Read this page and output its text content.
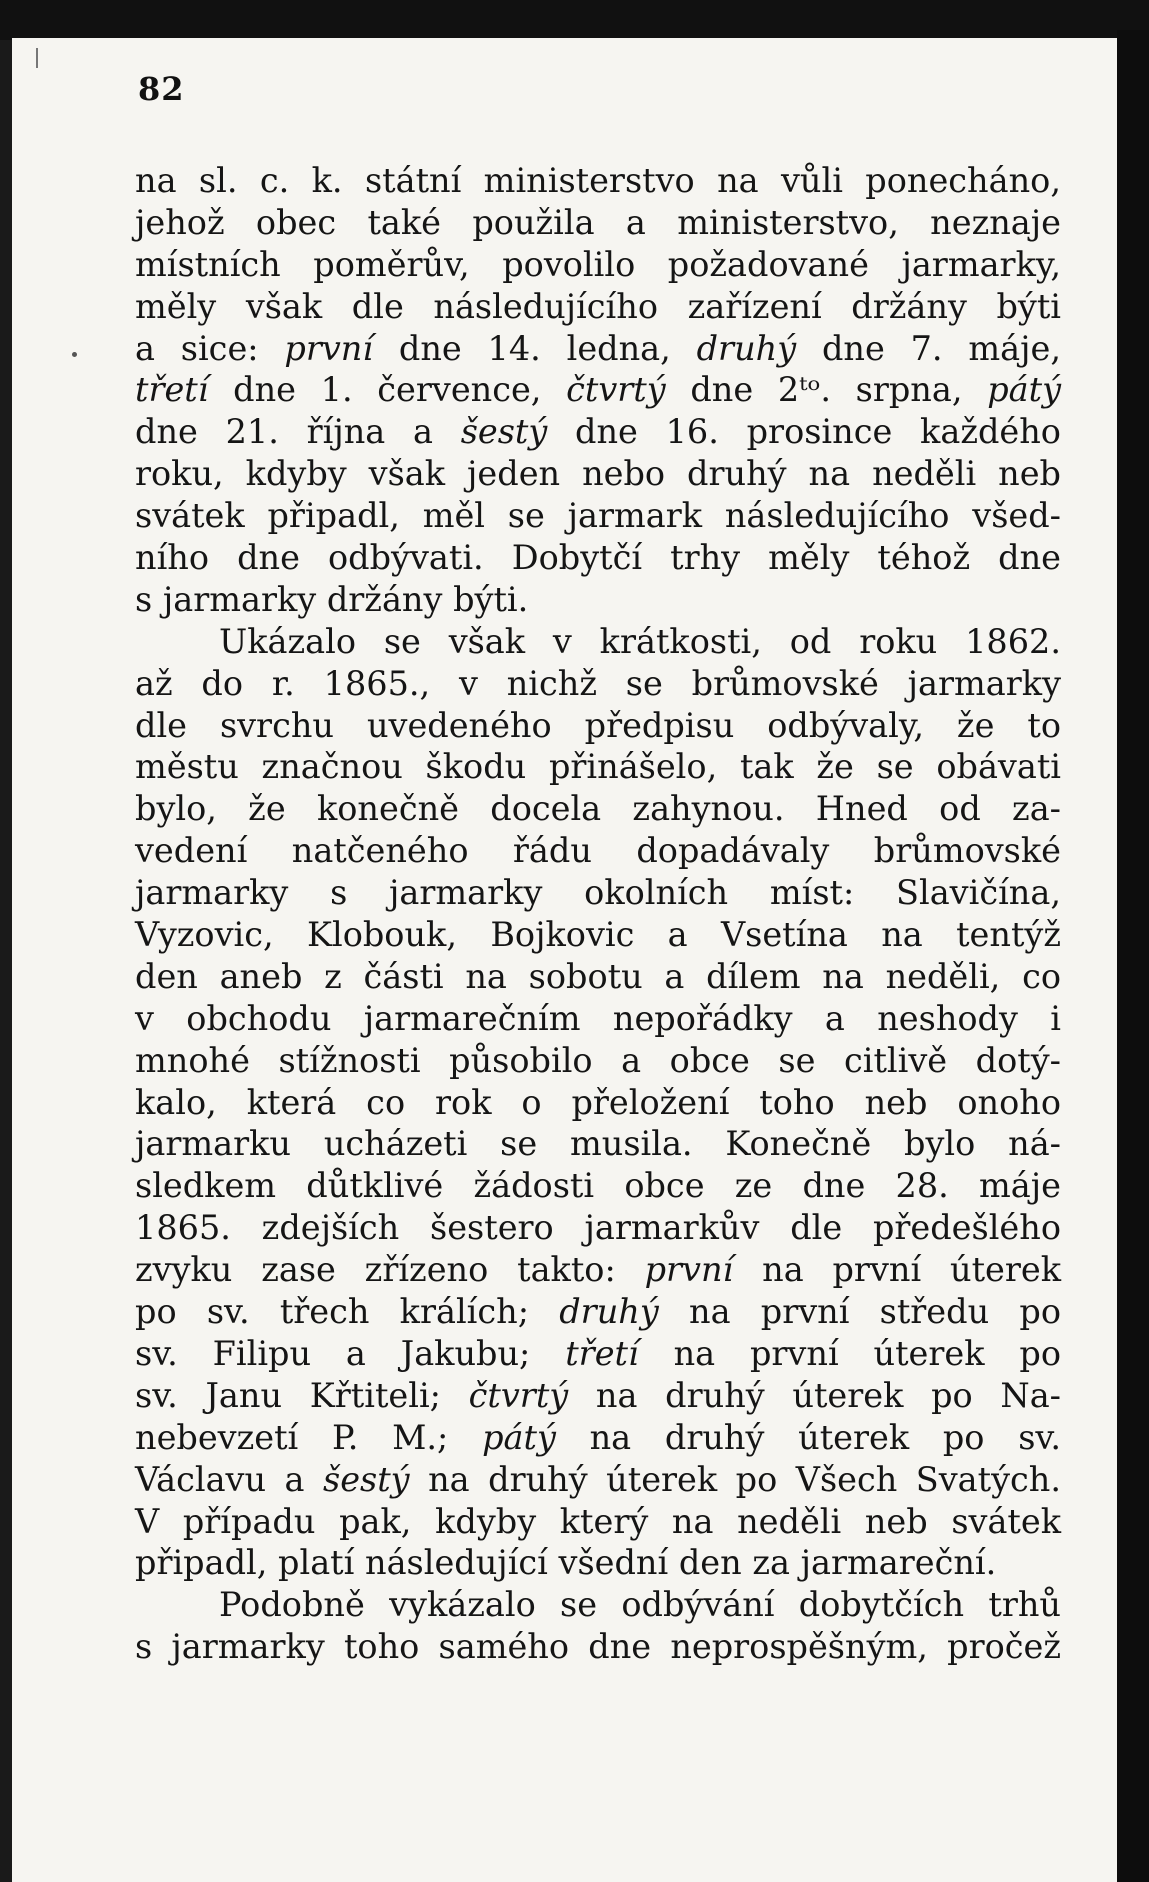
82
na sl. c. k. státní ministerstvo na vůli ponecháno,
jehož obec také použila a ministerstvo, neznaje
místních poměrův, povolilo požadované jarmarky,
měly však dle následujícího zařízení držány býti
a sice: první dne 14. ledna, druhý dne 7. máje,
třetí dne 1. července, čtvrtý dne 2ᵗᵒ. srpna, pátý
dne 21. října a šestý dne 16. prosince každého
roku, kdyby však jeden nebo druhý na neděli neb
svátek připadl, měl se jarmark následujícího všed-
ního dne odbývati. Dobytčí trhy měly téhož dne
s jarmarky držány býti.
Ukázalo se však v krátkosti, od roku 1862.
až do r. 1865., v nichž se brůmovské jarmarky
dle svrchu uvedeného předpisu odbývaly, že to
městu značnou škodu přinášelo, tak že se obávati
bylo, že konečně docela zahynou. Hned od za-
vedení natčeného řádu dopadávaly brůmovské
jarmarky s jarmarky okolních míst: Slavičína,
Vyzovic, Klobouk, Bojkovic a Vsetína na tentýž
den aneb z části na sobotu a dílem na neděli, co
v obchodu jarmarečním nepořádky a neshody i
mnohé stížnosti působilo a obce se citlivě dotý-
kalo, která co rok o přeložení toho neb onoho
jarmarku ucházeti se musila. Konečně bylo ná-
sledkem důtklivé žádosti obce ze dne 28. máje
1865. zdejších šestero jarmarkův dle předešlého
zvyku zase zřízeno takto: první na první úterek
po sv. třech králích; druhý na první středu po
sv. Filipu a Jakubu; třetí na první úterek po
sv. Janu Křtiteli; čtvrtý na druhý úterek po Na-
nebevzetí P. M.; pátý na druhý úterek po sv.
Václavu a šestý na druhý úterek po Všech Svatých.
V případu pak, kdyby který na neděli neb svátek
připadl, platí následující všední den za jarmareční.
Podobně vykázalo se odbývání dobytčích trhů
s jarmarky toho samého dne neprospěšným, pročež
